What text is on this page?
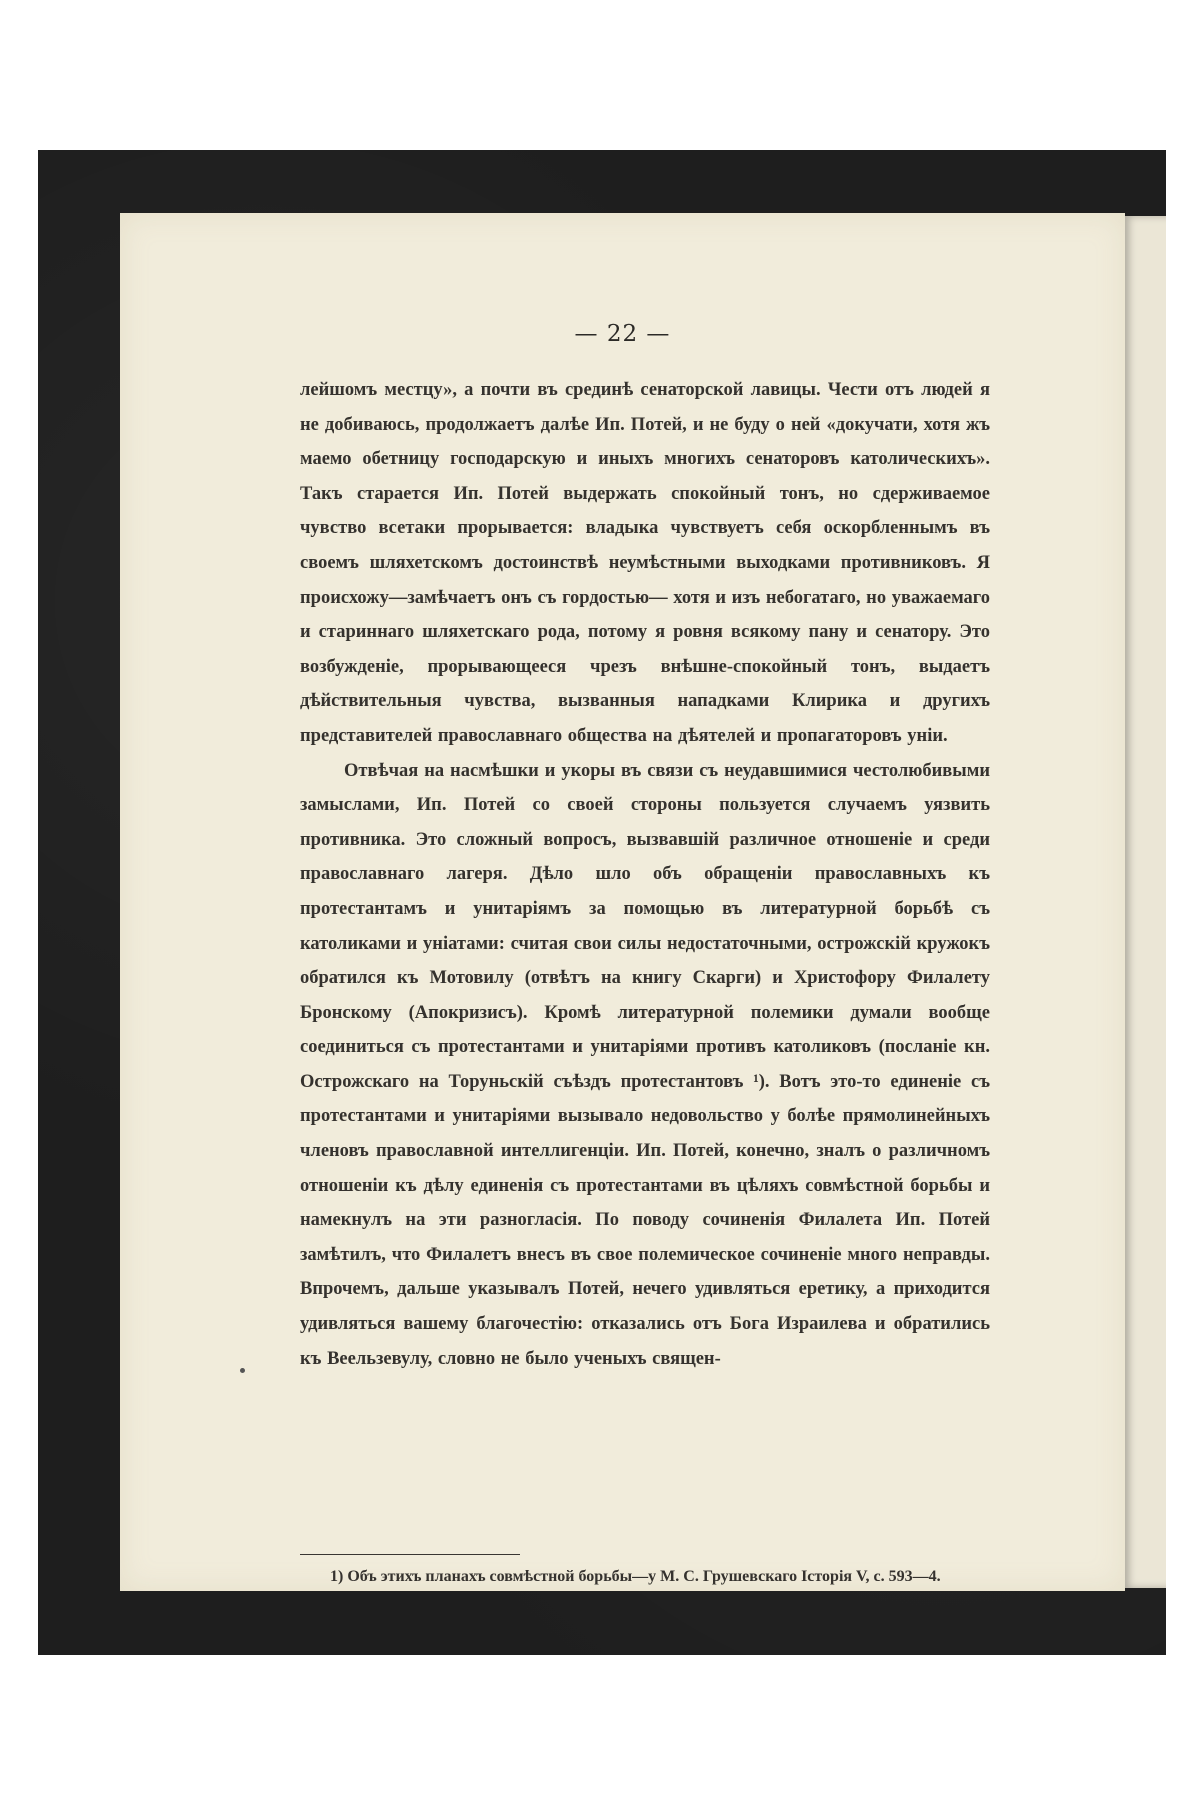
— 22 —

лейшомъ местцу», а почти въ срединѣ сенаторской лавицы. Чести отъ людей я не добиваюсь, продолжаетъ далѣе Ип. Потей, и не буду о ней «докучати, хотя жъ маемо обетницу господарскую и иныхъ многихъ сенаторовъ католическихъ». Такъ старается Ип. Потей выдержать спокойный тонъ, но сдерживаемое чувство всетаки прорывается: владыка чувствуетъ себя оскорбленнымъ въ своемъ шляхетскомъ достоинствѣ неумѣстными выходками противниковъ. Я происхожу—замѣчаетъ онъ съ гордостью— хотя и изъ небогатаго, но уважаемаго и стариннаго шляхетскаго рода, потому я ровня всякому пану и сенатору. Это возбужденіе, прорывающееся чрезъ внѣшне-спокойный тонъ, выдаетъ дѣйствительныя чувства, вызванныя нападками Клирика и другихъ представителей православнаго общества на дѣятелей и пропагаторовъ уніи.

Отвѣчая на насмѣшки и укоры въ связи съ неудавшимися честолюбивыми замыслами, Ип. Потей со своей стороны пользуется случаемъ уязвить противника. Это сложный вопросъ, вызвавшій различное отношеніе и среди православнаго лагеря. Дѣло шло объ обращеніи православныхъ къ протестантамъ и унитаріямъ за помощью въ литературной борьбѣ съ католиками и уніатами: считая свои силы недостаточными, острожскій кружокъ обратился къ Мотовилу (отвѣтъ на книгу Скарги) и Христофору Филалету Бронскому (Апокризисъ). Кромѣ литературной полемики думали вообще соединиться съ протестантами и унитаріями противъ католиковъ (посланіе кн. Острожскаго на Торуньскій съѣздъ протестантовъ ¹). Вотъ это-то единеніе съ протестантами и унитаріями вызывало недовольство у болѣе прямолинейныхъ членовъ православной интеллигенціи. Ип. Потей, конечно, зналъ о различномъ отношеніи къ дѣлу единенія съ протестантами въ цѣляхъ совмѣстной борьбы и намекнулъ на эти разногласія. По поводу сочиненія Филалета Ип. Потей замѣтилъ, что Филалетъ внесъ въ свое полемическое сочиненіе много неправды. Впрочемъ, дальше указывалъ Потей, нечего удивляться еретику, а приходится удивляться вашему благочестію: отказались отъ Бога Израилева и обратились къ Веельзевулу, словно не было ученыхъ священ-

1) Объ этихъ планахъ совмѣстной борьбы—у М. С. Грушевскаго Історія V, с. 593—4.
